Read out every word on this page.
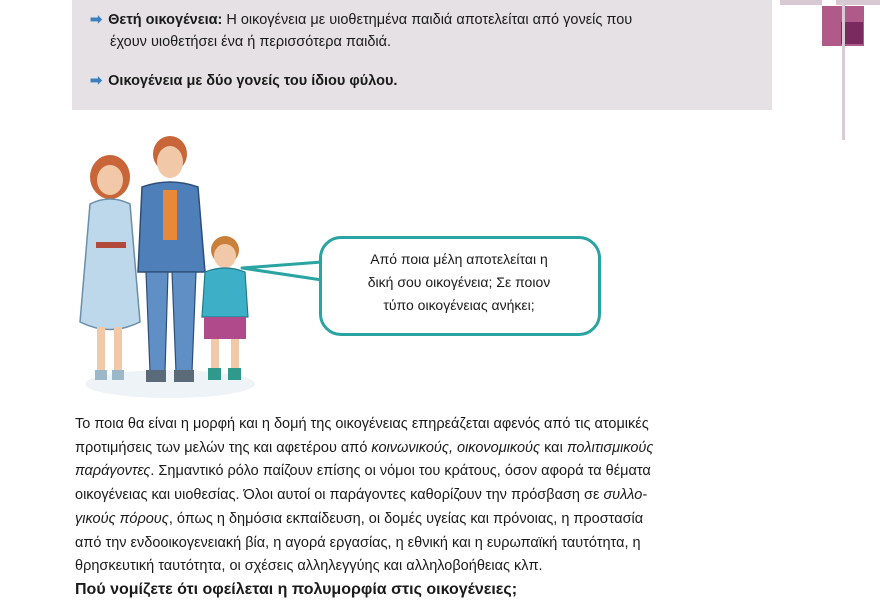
➡ Θετή οικογένεια: Η οικογένεια με υιοθετημένα παιδιά αποτελείται από γονείς που
έχουν υιοθετήσει ένα ή περισσότερα παιδιά.
➡ Οικογένεια με δύο γονείς του ίδιου φύλου.
Από ποια μέλη αποτελείται η
δική σου οικογένεια; Σε ποιον
τύπο οικογένειας ανήκει;
Το ποια θα είναι η μορφή και η δομή της οικογένειας επηρεάζεται αφενός από τις ατομικές
προτιμήσεις των μελών της και αφετέρου από κοινωνικούς, οικονομικούς και πολιτισμικούς
παράγοντες. Σημαντικό ρόλο παίζουν επίσης οι νόμοι του κράτους, όσον αφορά τα θέματα
οικογένειας και υιοθεσίας. Όλοι αυτοί οι παράγοντες καθορίζουν την πρόσβαση σε συλλο-
γικούς πόρους, όπως η δημόσια εκπαίδευση, οι δομές υγείας και πρόνοιας, η προστασία
από την ενδοοικογενειακή βία, η αγορά εργασίας, η εθνική και η ευρωπαϊκή ταυτότητα, η
θρησκευτική ταυτότητα, οι σχέσεις αλληλεγγύης και αλληλοβοήθειας κλπ.
Πού νομίζετε ότι οφείλεται η πολυμορφία στις οικογένειες;
